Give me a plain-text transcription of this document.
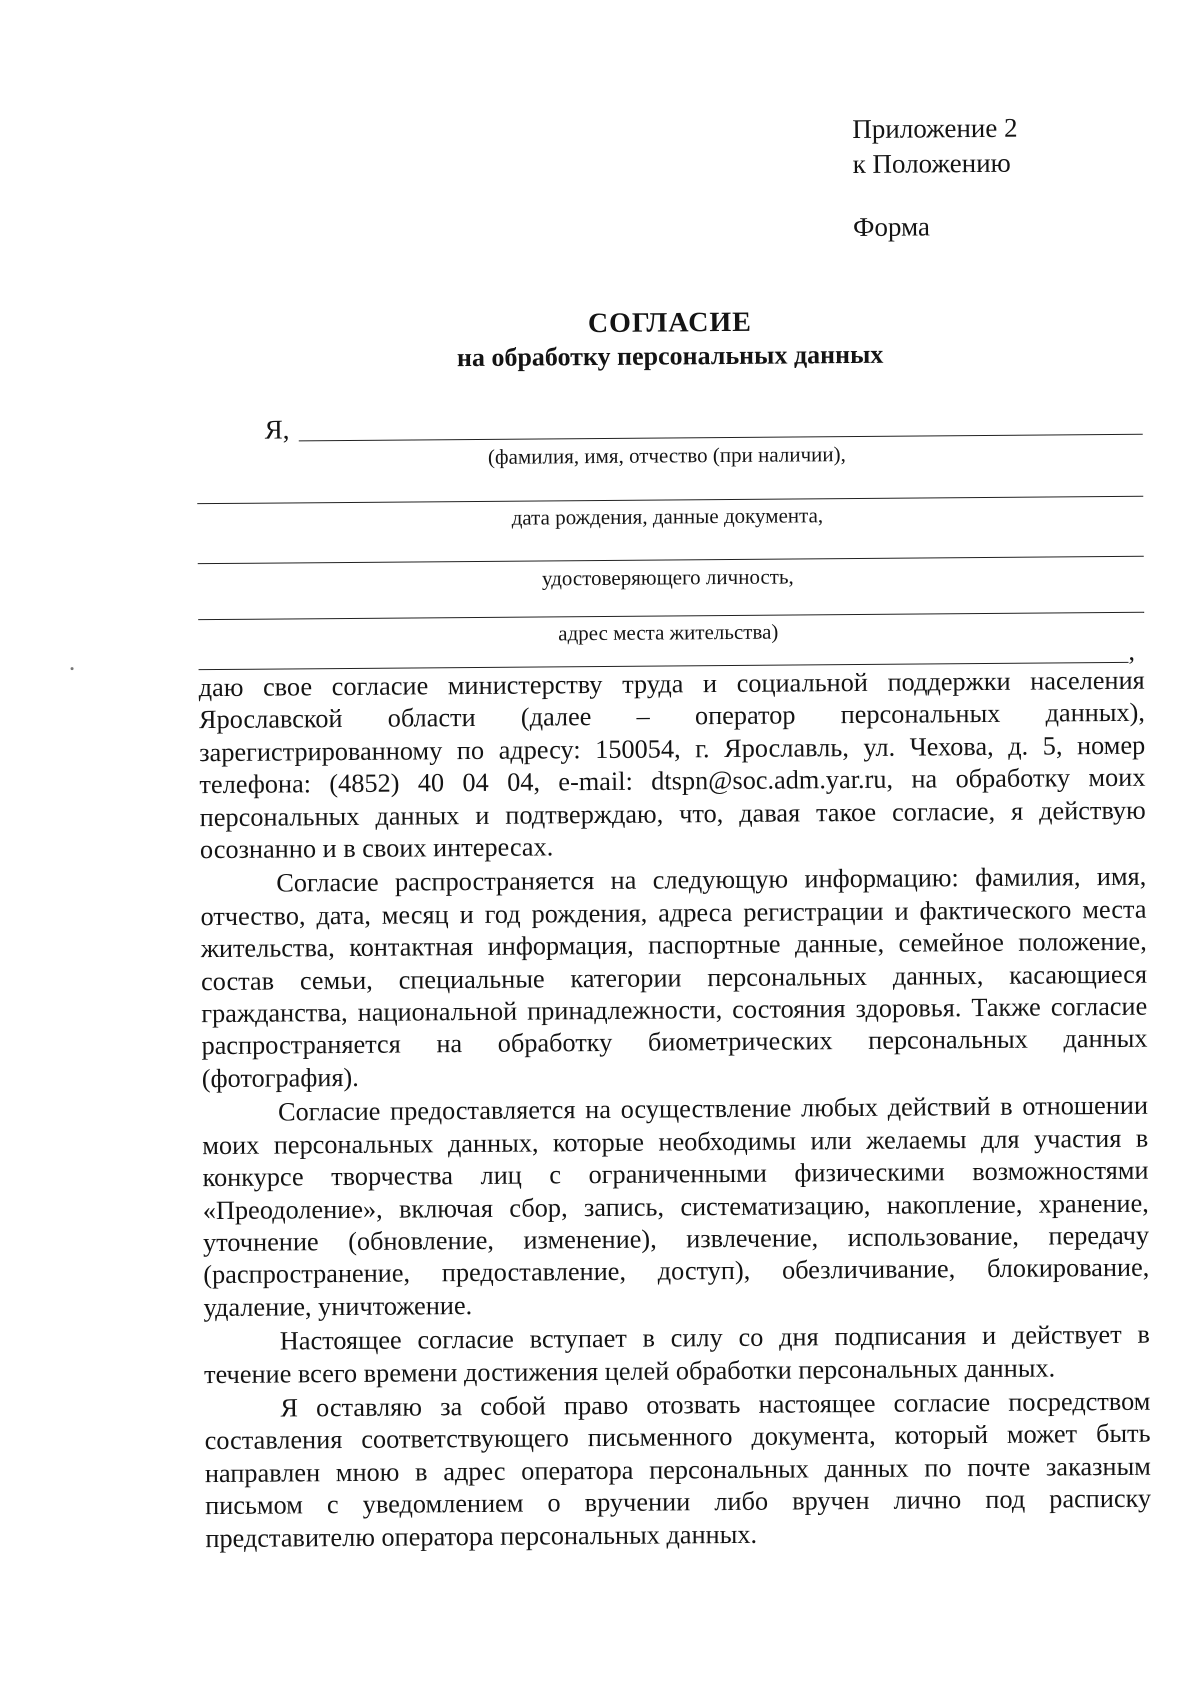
Приложение 2
к Положению
Форма
СОГЛАСИЕ
на обработку персональных данных
Я,
(фамилия, имя, отчество (при наличии),
дата рождения, данные документа,
удостоверяющего личность,
адрес места жительства)
,

даю свое согласие министерству труда и социальной поддержки населения Ярославской области (далее – оператор персональных данных), зарегистрированному по адресу: 150054, г. Ярославль, ул. Чехова, д. 5, номер телефона: (4852) 40 04 04, e-mail: dtspn@soc.adm.yar.ru, на обработку моих персональных данных и подтверждаю, что, давая такое согласие, я действую осознанно и в своих интересах.

Согласие распространяется на следующую информацию: фамилия, имя, отчество, дата, месяц и год рождения, адреса регистрации и фактического места жительства, контактная информация, паспортные данные, семейное положение, состав семьи, специальные категории персональных данных, касающиеся гражданства, национальной принадлежности, состояния здоровья. Также согласие распространяется на обработку биометрических персональных данных (фотография).

Согласие предоставляется на осуществление любых действий в отношении моих персональных данных, которые необходимы или желаемы для участия в конкурсе творчества лиц с ограниченными физическими возможностями «Преодоление», включая сбор, запись, систематизацию, накопление, хранение, уточнение (обновление, изменение), извлечение, использование, передачу (распространение, предоставление, доступ), обезличивание, блокирование, удаление, уничтожение.

Настоящее согласие вступает в силу со дня подписания и действует в течение всего времени достижения целей обработки персональных данных.

Я оставляю за собой право отозвать настоящее согласие посредством составления соответствующего письменного документа, который может быть направлен мною в адрес оператора персональных данных по почте заказным письмом с уведомлением о вручении либо вручен лично под расписку представителю оператора персональных данных.
